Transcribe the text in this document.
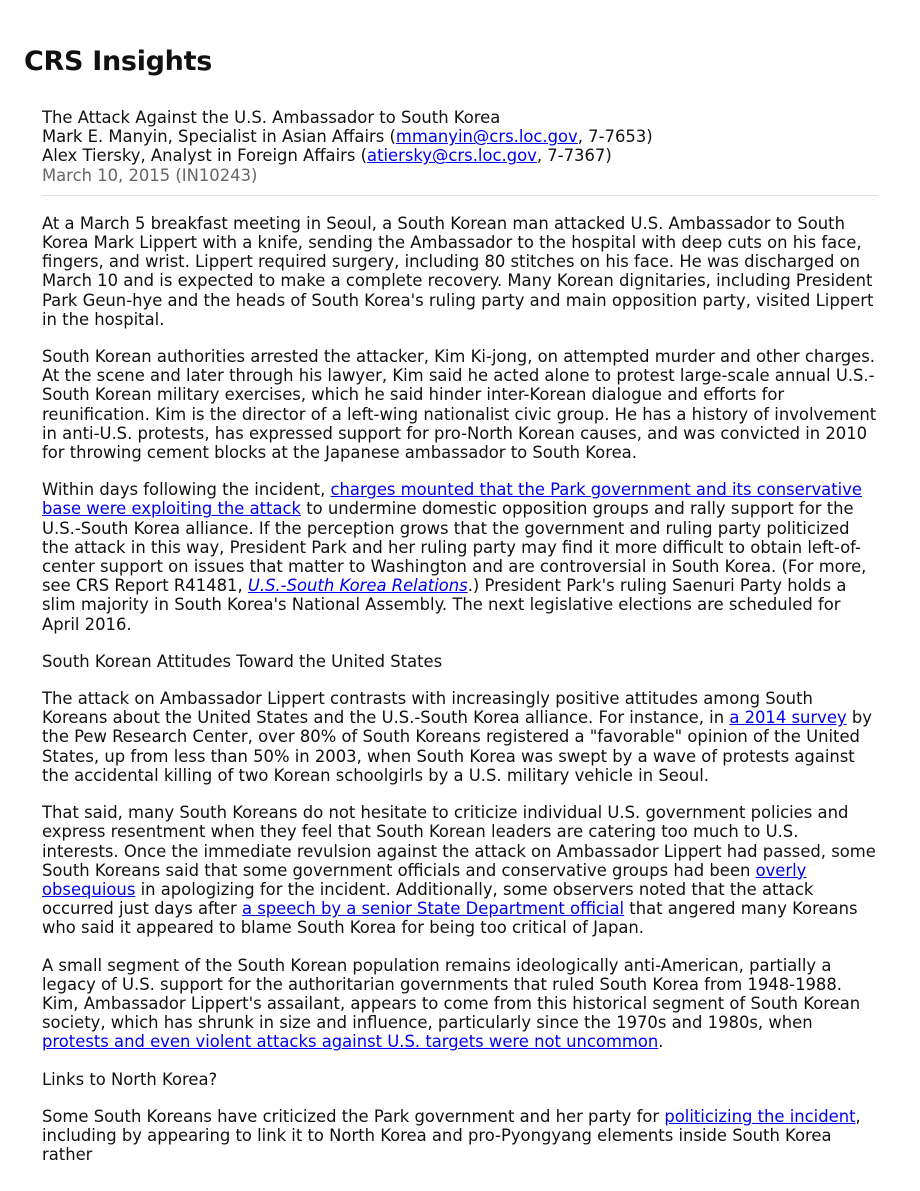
CRS Insights
The Attack Against the U.S. Ambassador to South Korea
Mark E. Manyin, Specialist in Asian Affairs (mmanyin@crs.loc.gov, 7-7653)
Alex Tiersky, Analyst in Foreign Affairs (atiersky@crs.loc.gov, 7-7367)
March 10, 2015 (IN10243)

At a March 5 breakfast meeting in Seoul, a South Korean man attacked U.S. Ambassador to South Korea Mark Lippert with a knife, sending the Ambassador to the hospital with deep cuts on his face, fingers, and wrist. Lippert required surgery, including 80 stitches on his face. He was discharged on March 10 and is expected to make a complete recovery. Many Korean dignitaries, including President Park Geun-hye and the heads of South Korea's ruling party and main opposition party, visited Lippert in the hospital.

South Korean authorities arrested the attacker, Kim Ki-jong, on attempted murder and other charges. At the scene and later through his lawyer, Kim said he acted alone to protest large-scale annual U.S.-South Korean military exercises, which he said hinder inter-Korean dialogue and efforts for reunification. Kim is the director of a left-wing nationalist civic group. He has a history of involvement in anti-U.S. protests, has expressed support for pro-North Korean causes, and was convicted in 2010 for throwing cement blocks at the Japanese ambassador to South Korea.

Within days following the incident, charges mounted that the Park government and its conservative base were exploiting the attack to undermine domestic opposition groups and rally support for the U.S.-South Korea alliance. If the perception grows that the government and ruling party politicized the attack in this way, President Park and her ruling party may find it more difficult to obtain left-of-center support on issues that matter to Washington and are controversial in South Korea. (For more, see CRS Report R41481, U.S.-South Korea Relations.) President Park's ruling Saenuri Party holds a slim majority in South Korea's National Assembly. The next legislative elections are scheduled for April 2016.

South Korean Attitudes Toward the United States

The attack on Ambassador Lippert contrasts with increasingly positive attitudes among South Koreans about the United States and the U.S.-South Korea alliance. For instance, in a 2014 survey by the Pew Research Center, over 80% of South Koreans registered a "favorable" opinion of the United States, up from less than 50% in 2003, when South Korea was swept by a wave of protests against the accidental killing of two Korean schoolgirls by a U.S. military vehicle in Seoul.

That said, many South Koreans do not hesitate to criticize individual U.S. government policies and express resentment when they feel that South Korean leaders are catering too much to U.S. interests. Once the immediate revulsion against the attack on Ambassador Lippert had passed, some South Koreans said that some government officials and conservative groups had been overly obsequious in apologizing for the incident. Additionally, some observers noted that the attack occurred just days after a speech by a senior State Department official that angered many Koreans who said it appeared to blame South Korea for being too critical of Japan.

A small segment of the South Korean population remains ideologically anti-American, partially a legacy of U.S. support for the authoritarian governments that ruled South Korea from 1948-1988. Kim, Ambassador Lippert's assailant, appears to come from this historical segment of South Korean society, which has shrunk in size and influence, particularly since the 1970s and 1980s, when protests and even violent attacks against U.S. targets were not uncommon.

Links to North Korea?

Some South Koreans have criticized the Park government and her party for politicizing the incident, including by appearing to link it to North Korea and pro-Pyongyang elements inside South Korea rather
